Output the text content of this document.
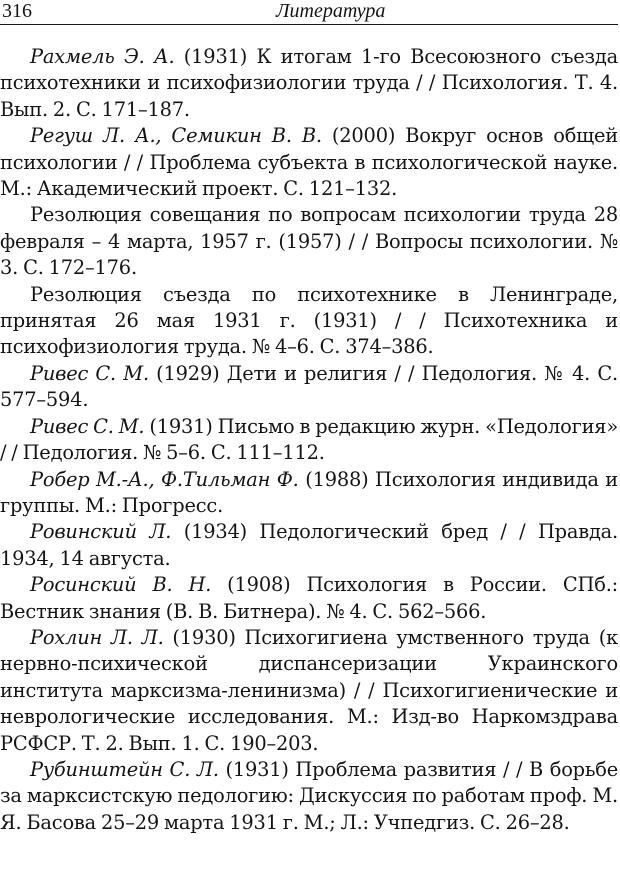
316	Литература

Рахмель Э. А. (1931) К итогам 1-го Всесоюзного съезда психотехники и психофизиологии труда / / Психология. Т. 4. Вып. 2. С. 171–187.

Регуш Л. А., Семикин В. В. (2000) Вокруг основ общей психологии / / Проблема субъекта в психологической науке. М.: Академический проект. С. 121–132.

Резолюция совещания по вопросам психологии труда 28 февраля – 4 марта, 1957 г. (1957) / / Вопросы психологии. № 3. С. 172–176.

Резолюция съезда по психотехнике в Ленинграде, принятая 26 мая 1931 г. (1931) / / Психотехника и психофизиология труда. № 4–6. С. 374–386.

Ривес С. М. (1929) Дети и религия / / Педология. № 4. С. 577–594.

Ривес С. М. (1931) Письмо в редакцию журн. «Педология» / / Педология. № 5–6. С. 111–112.

Робер М.-А., Ф.Тильман Ф. (1988) Психология индивида и группы. М.: Прогресс.

Ровинский Л. (1934) Педологический бред / / Правда. 1934, 14 августа.

Росинский В. Н. (1908) Психология в России. СПб.: Вестник знания (В. В. Битнера). № 4. С. 562–566.

Рохлин Л. Л. (1930) Психогигиена умственного труда (к нервно-психической диспансеризации Украинского института марксизма-ленинизма) / / Психогигиенические и неврологические исследования. М.: Изд-во Наркомздрава РСФСР. Т. 2. Вып. 1. С. 190–203.

Рубинштейн С. Л. (1931) Проблема развития / / В борьбе за марксистскую педологию: Дискуссия по работам проф. М. Я. Басова 25–29 марта 1931 г. М.; Л.: Учпедгиз. С. 26–28.
